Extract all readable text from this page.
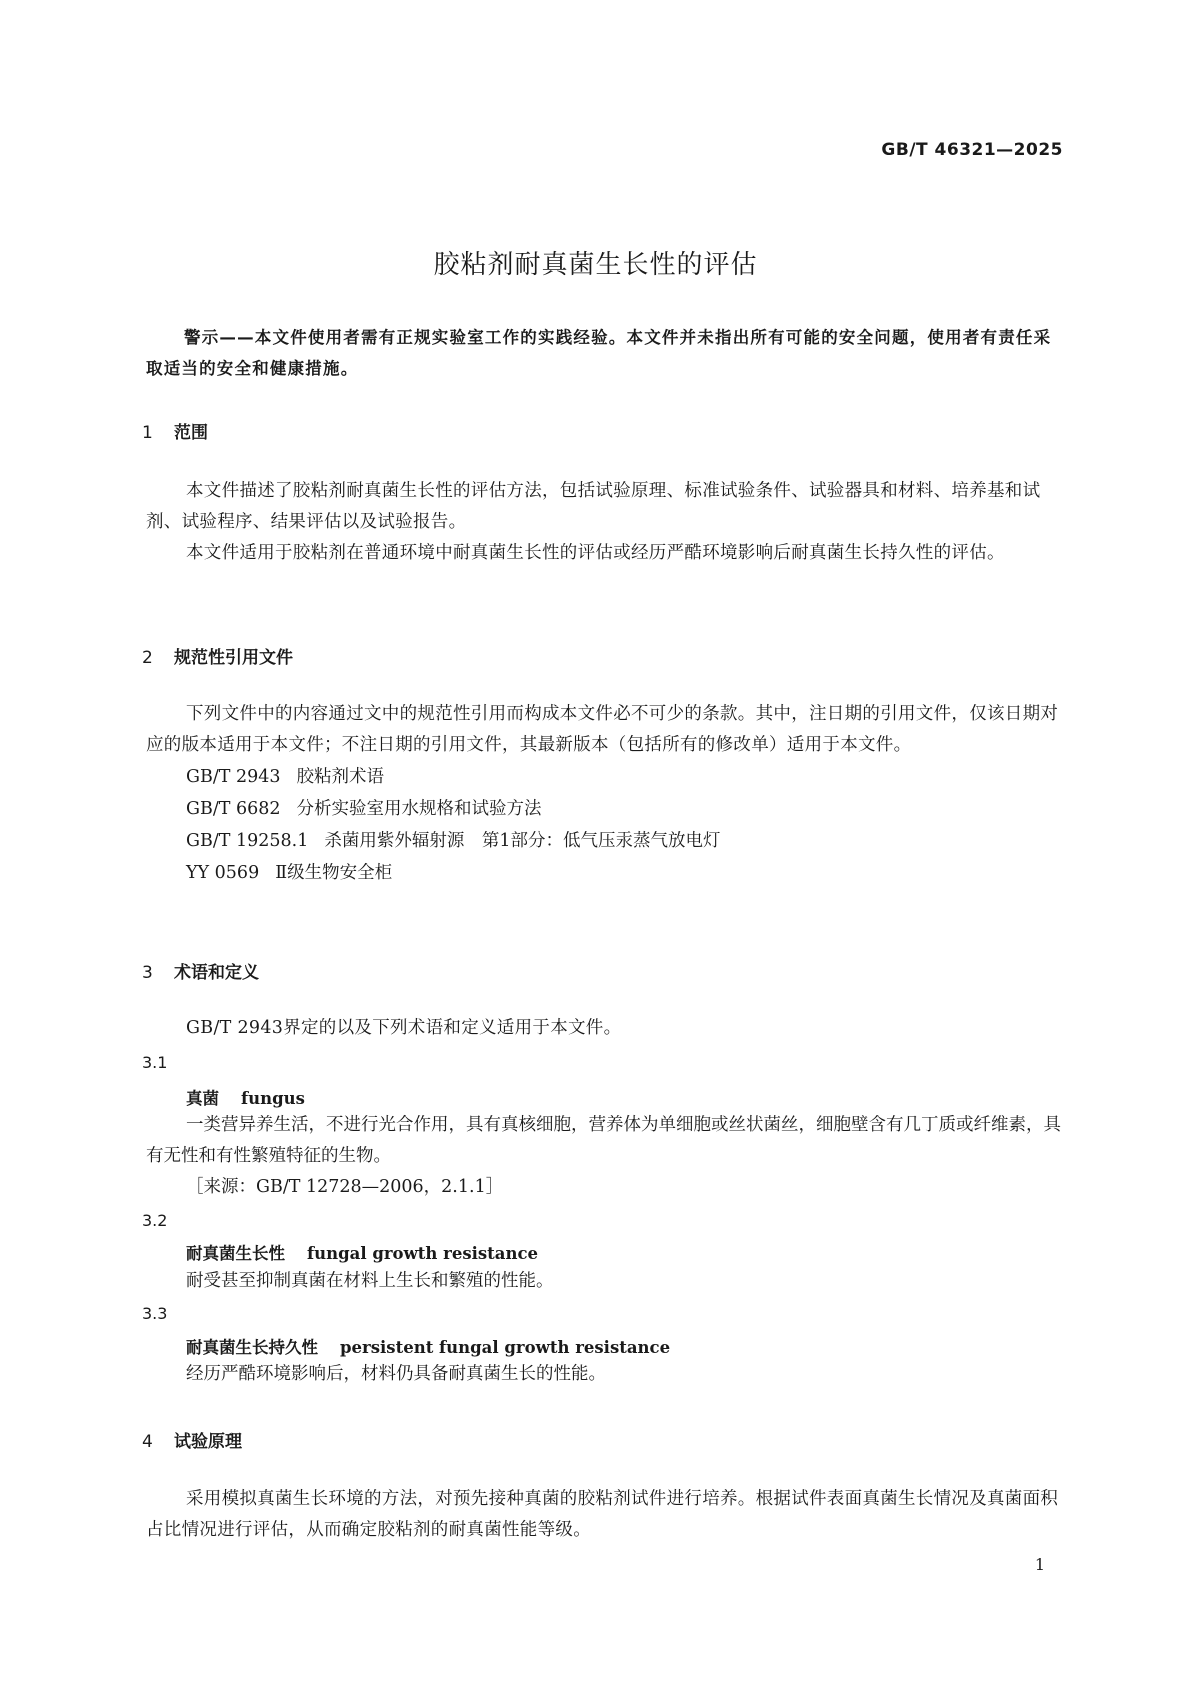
GB/T 46321—2025
胶粘剂耐真菌生长性的评估
警示——本文件使用者需有正规实验室工作的实践经验。本文件并未指出所有可能的安全问题，使用者有责任采取适当的安全和健康措施。
1 范围

本文件描述了胶粘剂耐真菌生长性的评估方法，包括试验原理、标准试验条件、试验器具和材料、培养基和试剂、试验程序、结果评估以及试验报告。

本文件适用于胶粘剂在普通环境中耐真菌生长性的评估或经历严酷环境影响后耐真菌生长持久性的评估。

2 规范性引用文件

下列文件中的内容通过文中的规范性引用而构成本文件必不可少的条款。其中，注日期的引用文件，仅该日期对应的版本适用于本文件；不注日期的引用文件，其最新版本（包括所有的修改单）适用于本文件。

GB/T 2943 胶粘剂术语

GB/T 6682 分析实验室用水规格和试验方法

GB/T 19258.1 杀菌用紫外辐射源　第1部分：低气压汞蒸气放电灯

YY 0569 Ⅱ级生物安全柜

3 术语和定义

GB/T 2943界定的以及下列术语和定义适用于本文件。

3.1
真菌 fungus

一类营异养生活，不进行光合作用，具有真核细胞，营养体为单细胞或丝状菌丝，细胞壁含有几丁质或纤维素，具有无性和有性繁殖特征的生物。

［来源：GB/T 12728—2006，2.1.1］

3.2
耐真菌生长性 fungal growth resistance

耐受甚至抑制真菌在材料上生长和繁殖的性能。

3.3
耐真菌生长持久性 persistent fungal growth resistance

经历严酷环境影响后，材料仍具备耐真菌生长的性能。

4 试验原理

采用模拟真菌生长环境的方法，对预先接种真菌的胶粘剂试件进行培养。根据试件表面真菌生长情况及真菌面积占比情况进行评估，从而确定胶粘剂的耐真菌性能等级。

1
